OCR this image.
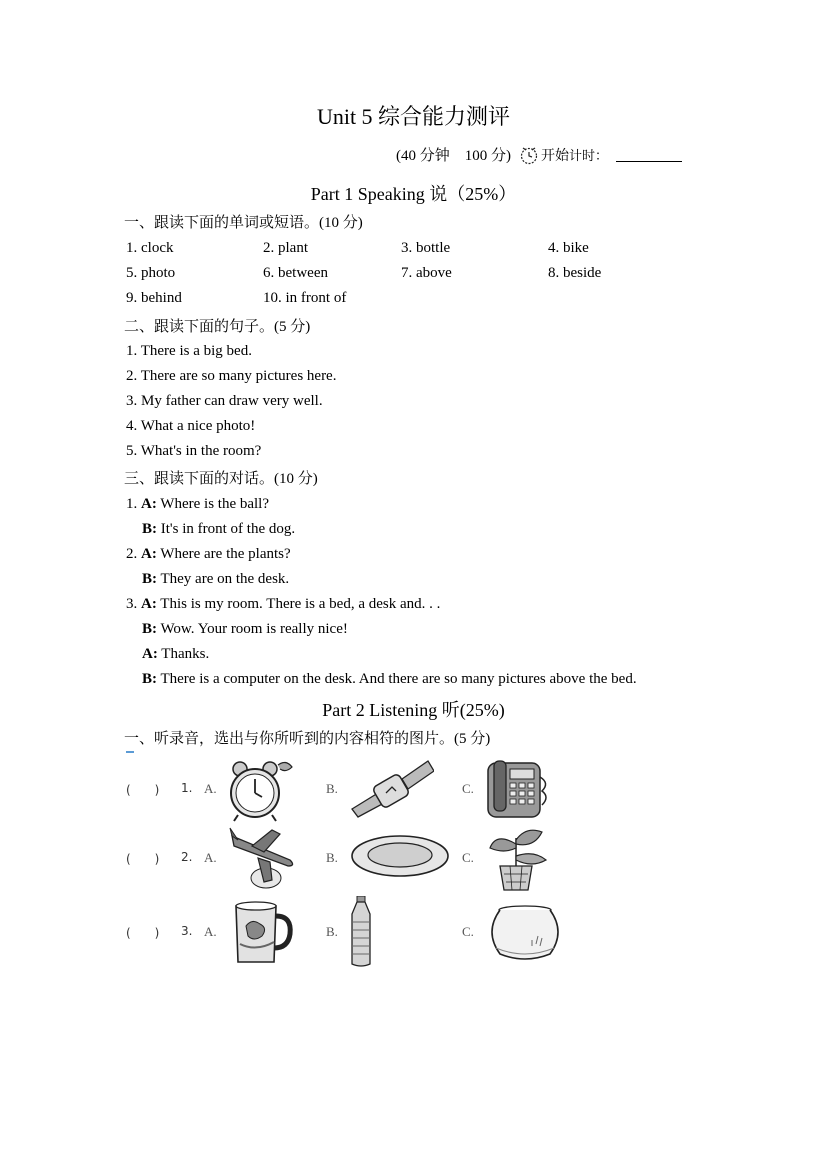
Unit 5 综合能力测评
(40 分钟　100 分) 开始 计时：
Part 1 Speaking 说（25%）
一、跟读下面的单词或短语。(10 分)
1. clock	2. plant	3. bottle	4. bike
5. photo	6. between	7. above	8. beside
9. behind	10. in front of
二、跟读下面的句子。(5 分)
1. There is a big bed.
2. There are so many pictures here.
3. My father can draw very well.
4. What a nice photo!
5. What's in the room?
三、跟读下面的对话。(10 分)
1. A: Where is the ball?
B: It's in front of the dog.
2. A: Where are the plants?
B: They are on the desk.
3. A: This is my room. There is a bed, a desk and. . .
B: Wow. Your room is really nice!
A: Thanks.
B: There is a computer on the desk. And there are so many pictures above the bed.
Part 2 Listening 听(25%)
一、听录音，选出与你所听到的内容相符的图片。(5 分)
(　　) 1. A.	B.	C.
(　　) 2. A.	B.	C.
(　　) 3. A.	B.	C.
